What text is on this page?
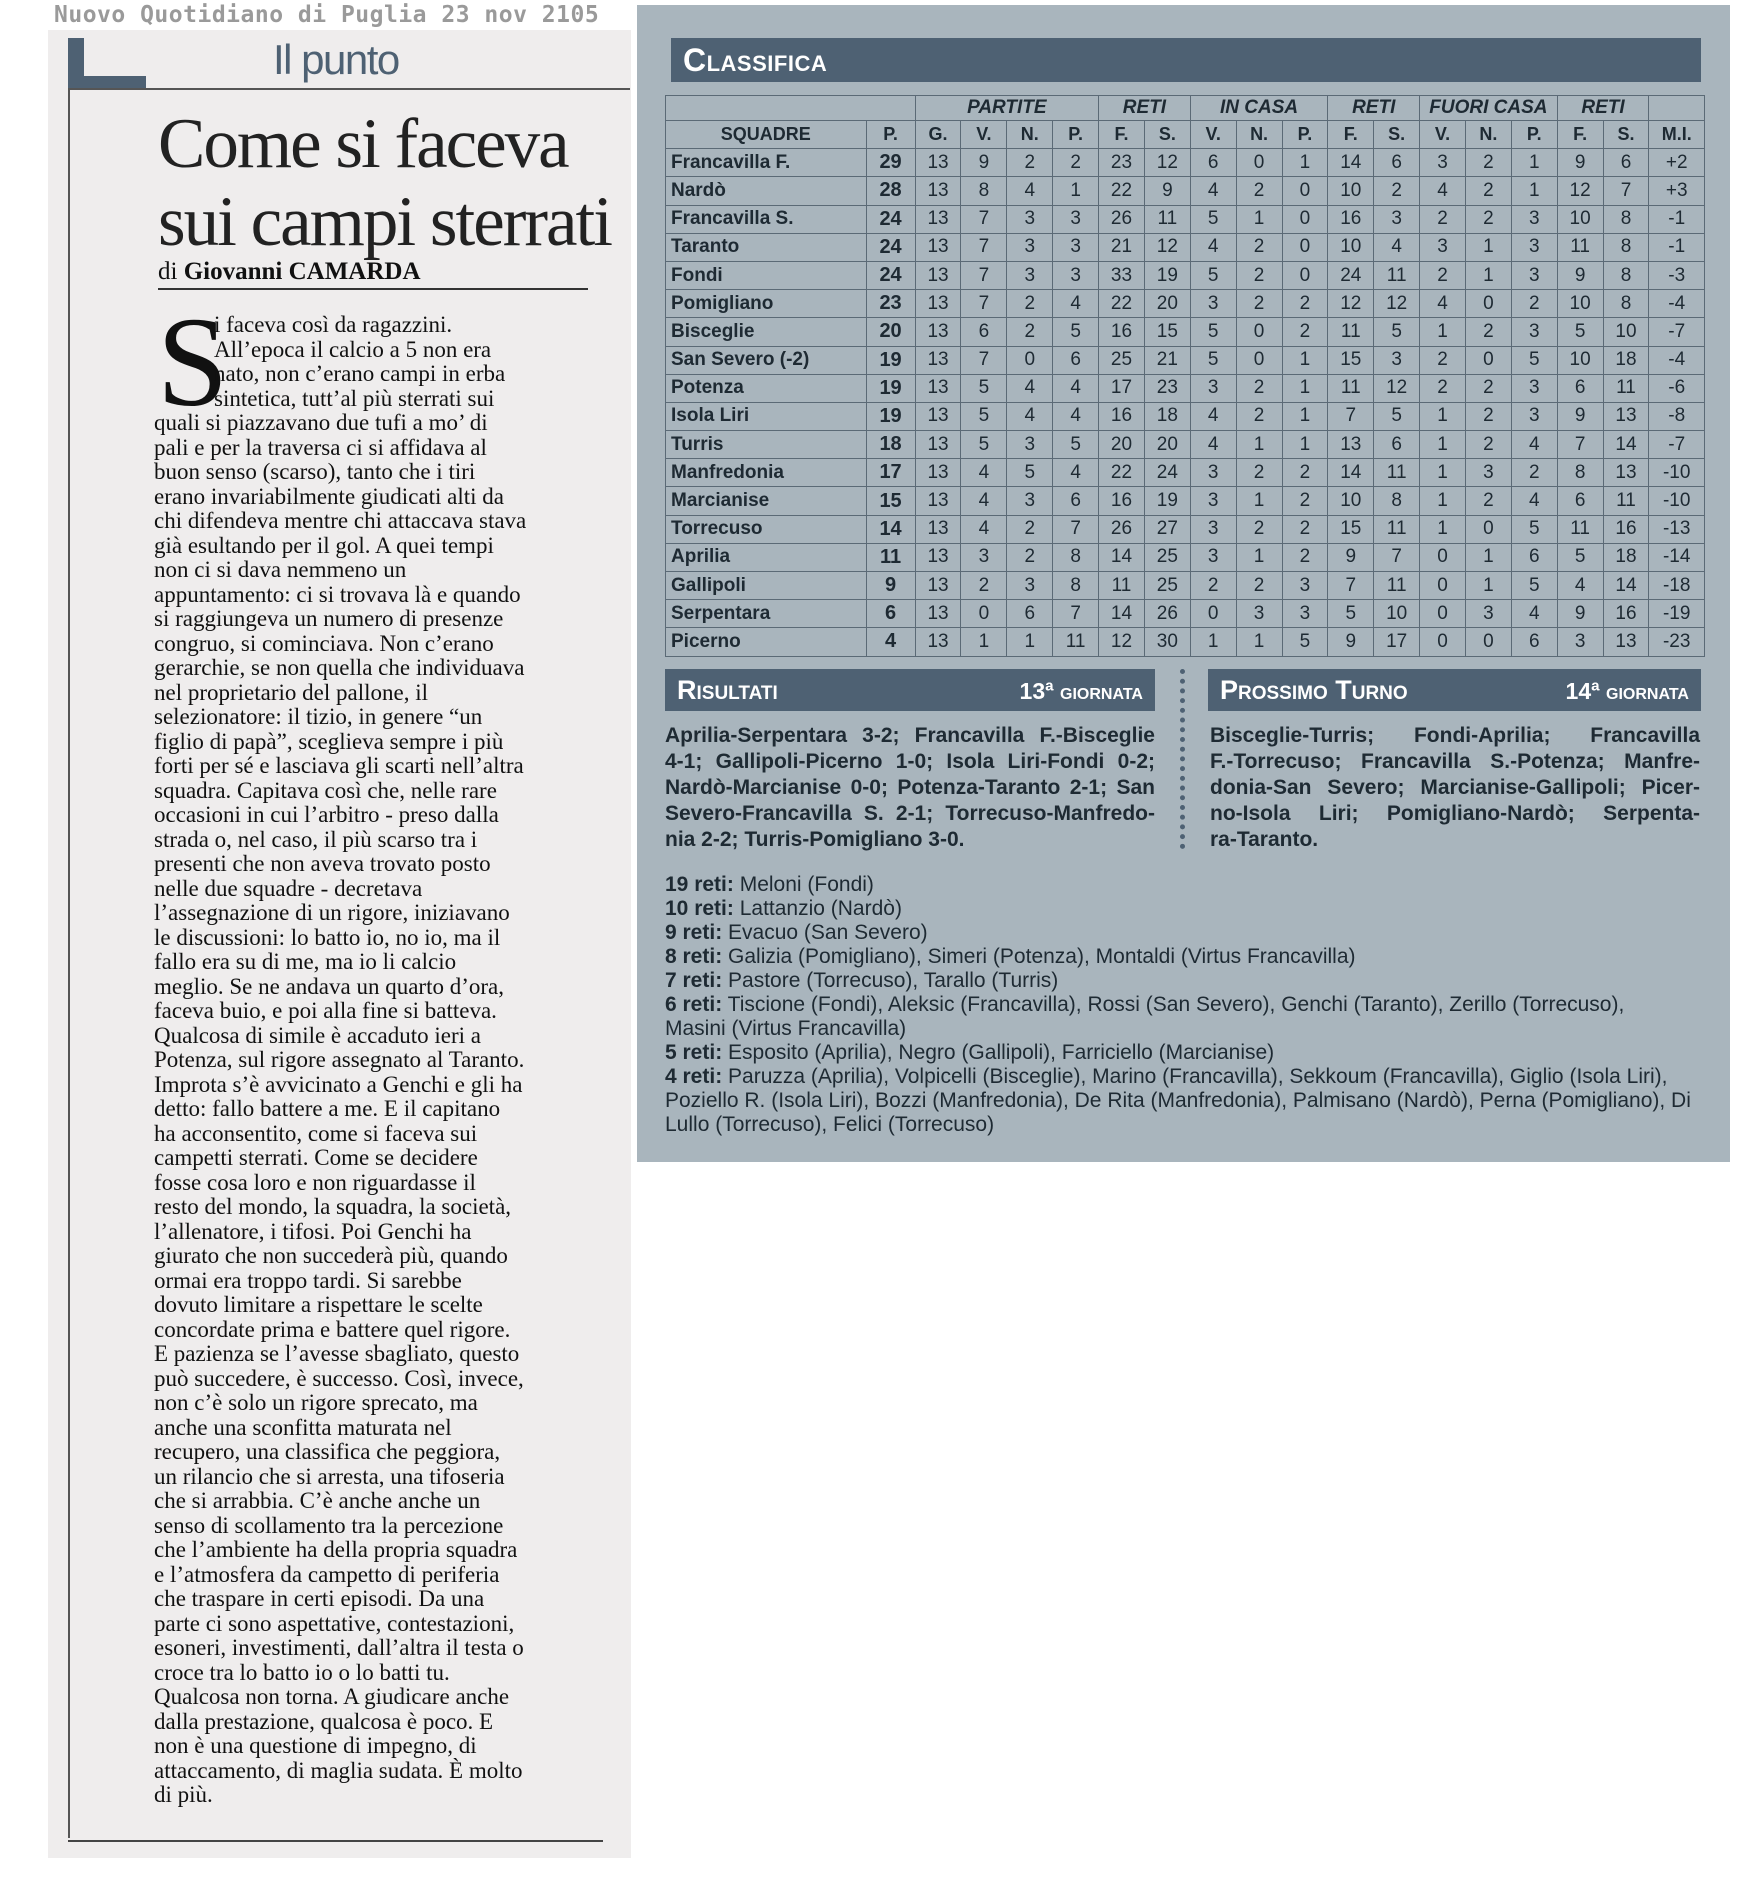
Nuovo Quotidiano di Puglia 23 nov 2105
Il punto
Come si faceva
sui campi sterrati
di Giovanni CAMARDA
S
i faceva così da ragazzini.
All’epoca il calcio a 5 non era
nato, non c’erano campi in erba
sintetica, tutt’al più sterrati sui
quali si piazzavano due tufi a mo’ di
pali e per la traversa ci si affidava al
buon senso (scarso), tanto che i tiri
erano invariabilmente giudicati alti da
chi difendeva mentre chi attaccava stava
già esultando per il gol. A quei tempi
non ci si dava nemmeno un
appuntamento: ci si trovava là e quando
si raggiungeva un numero di presenze
congruo, si cominciava. Non c’erano
gerarchie, se non quella che individuava
nel proprietario del pallone, il
selezionatore: il tizio, in genere “un
figlio di papà”, sceglieva sempre i più
forti per sé e lasciava gli scarti nell’altra
squadra. Capitava così che, nelle rare
occasioni in cui l’arbitro - preso dalla
strada o, nel caso, il più scarso tra i
presenti che non aveva trovato posto
nelle due squadre - decretava
l’assegnazione di un rigore, iniziavano
le discussioni: lo batto io, no io, ma il
fallo era su di me, ma io li calcio
meglio. Se ne andava un quarto d’ora,
faceva buio, e poi alla fine si batteva.
Qualcosa di simile è accaduto ieri a
Potenza, sul rigore assegnato al Taranto.
Improta s’è avvicinato a Genchi e gli ha
detto: fallo battere a me. E il capitano
ha acconsentito, come si faceva sui
campetti sterrati. Come se decidere
fosse cosa loro e non riguardasse il
resto del mondo, la squadra, la società,
l’allenatore, i tifosi. Poi Genchi ha
giurato che non succederà più, quando
ormai era troppo tardi. Si sarebbe
dovuto limitare a rispettare le scelte
concordate prima e battere quel rigore.
E pazienza se l’avesse sbagliato, questo
può succedere, è successo. Così, invece,
non c’è solo un rigore sprecato, ma
anche una sconfitta maturata nel
recupero, una classifica che peggiora,
un rilancio che si arresta, una tifoseria
che si arrabbia. C’è anche anche un
senso di scollamento tra la percezione
che l’ambiente ha della propria squadra
e l’atmosfera da campetto di periferia
che traspare in certi episodi. Da una
parte ci sono aspettative, contestazioni,
esoneri, investimenti, dall’altra il testa o
croce tra lo batto io o lo batti tu.
Qualcosa non torna. A giudicare anche
dalla prestazione, qualcosa è poco. E
non è una questione di impegno, di
attaccamento, di maglia sudata. È molto
di più.
Classifica
		PARTITE				RETI		IN CASA			RETI		FUORI CASA			RETI		
SQUADRE	P.	G.	V.	N.	P.	F.	S.	V.	N.	P.	F.	S.	V.	N.	P.	F.	S.	M.I.
Francavilla F.	29	13	9	2	2	23	12	6	0	1	14	6	3	2	1	9	6	+2
Nardò	28	13	8	4	1	22	9	4	2	0	10	2	4	2	1	12	7	+3
Francavilla S.	24	13	7	3	3	26	11	5	1	0	16	3	2	2	3	10	8	-1
Taranto	24	13	7	3	3	21	12	4	2	0	10	4	3	1	3	11	8	-1
Fondi	24	13	7	3	3	33	19	5	2	0	24	11	2	1	3	9	8	-3
Pomigliano	23	13	7	2	4	22	20	3	2	2	12	12	4	0	2	10	8	-4
Bisceglie	20	13	6	2	5	16	15	5	0	2	11	5	1	2	3	5	10	-7
San Severo (-2)	19	13	7	0	6	25	21	5	0	1	15	3	2	0	5	10	18	-4
Potenza	19	13	5	4	4	17	23	3	2	1	11	12	2	2	3	6	11	-6
Isola Liri	19	13	5	4	4	16	18	4	2	1	7	5	1	2	3	9	13	-8
Turris	18	13	5	3	5	20	20	4	1	1	13	6	1	2	4	7	14	-7
Manfredonia	17	13	4	5	4	22	24	3	2	2	14	11	1	3	2	8	13	-10
Marcianise	15	13	4	3	6	16	19	3	1	2	10	8	1	2	4	6	11	-10
Torrecuso	14	13	4	2	7	26	27	3	2	2	15	11	1	0	5	11	16	-13
Aprilia	11	13	3	2	8	14	25	3	1	2	9	7	0	1	6	5	18	-14
Gallipoli	9	13	2	3	8	11	25	2	2	3	7	11	0	1	5	4	14	-18
Serpentara	6	13	0	6	7	14	26	0	3	3	5	10	0	3	4	9	16	-19
Picerno	4	13	1	1	11	12	30	1	1	5	9	17	0	0	6	3	13	-23
Risultati	13ª giornata	Prossimo Turno	14ª giornata
Aprilia-Serpentara 3-2; Francavilla F.-Bisceglie
4-1; Gallipoli-Picerno 1-0; Isola Liri-Fondi 0-2;
Nardò-Marcianise 0-0; Potenza-Taranto 2-1; San
Severo-Francavilla S. 2-1; Torrecuso-Manfredo-
nia 2-2; Turris-Pomigliano 3-0.
Bisceglie-Turris; Fondi-Aprilia; Francavilla
F.-Torrecuso; Francavilla S.-Potenza; Manfre-
donia-San Severo; Marcianise-Gallipoli; Picer-
no-Isola Liri; Pomigliano-Nardò; Serpenta-
ra-Taranto.
19 reti: Meloni (Fondi)
10 reti: Lattanzio (Nardò)
9 reti: Evacuo (San Severo)
8 reti: Galizia (Pomigliano), Simeri (Potenza), Montaldi (Virtus Francavilla)
7 reti: Pastore (Torrecuso), Tarallo (Turris)
6 reti: Tiscione (Fondi), Aleksic (Francavilla), Rossi (San Severo), Genchi (Taranto), Zerillo (Torrecuso),
Masini (Virtus Francavilla)
5 reti: Esposito (Aprilia), Negro (Gallipoli), Farriciello (Marcianise)
4 reti: Paruzza (Aprilia), Volpicelli (Bisceglie), Marino (Francavilla), Sekkoum (Francavilla), Giglio (Isola Liri),
Poziello R. (Isola Liri), Bozzi (Manfredonia), De Rita (Manfredonia), Palmisano (Nardò), Perna (Pomigliano), Di
Lullo (Torrecuso), Felici (Torrecuso)
